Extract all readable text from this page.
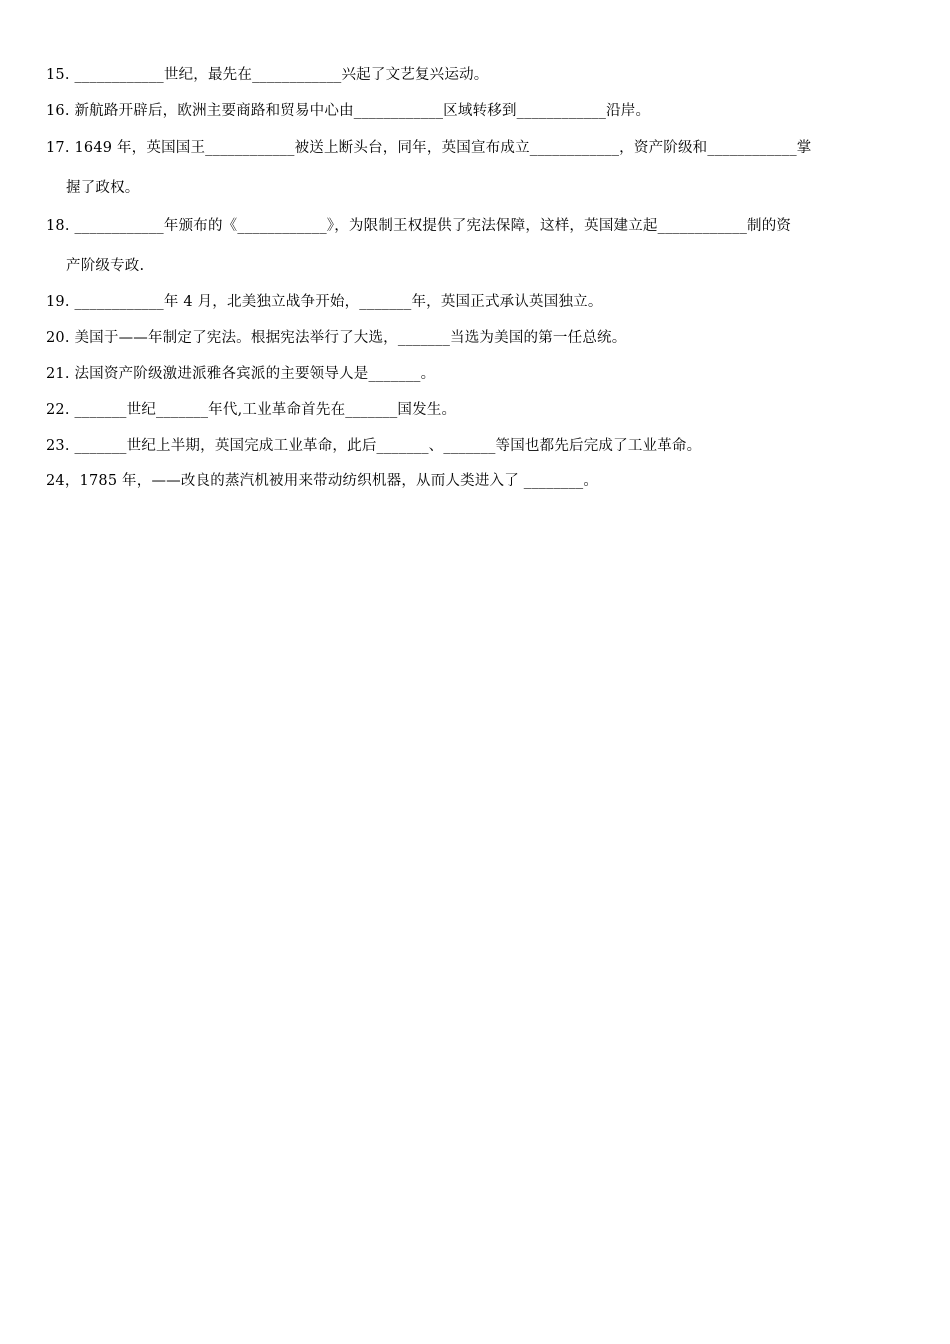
15. ____________世纪，最先在____________兴起了文艺复兴运动。
16. 新航路开辟后，欧洲主要商路和贸易中心由____________区域转移到____________沿岸。
17. 1649 年，英国国王____________被送上断头台，同年，英国宣布成立____________，资产阶级和____________掌
握了政权。
18. ____________年颁布的《____________》，为限制王权提供了宪法保障，这样，英国建立起____________制的资
产阶级专政.
19. ____________年 4 月，北美独立战争开始，_______年，英国正式承认英国独立。
20. 美国于——年制定了宪法。根据宪法举行了大选，_______当选为美国的第一任总统。
21. 法国资产阶级激进派雅各宾派的主要领导人是_______。
22. _______世纪_______年代,工业革命首先在_______国发生。
23. _______世纪上半期，英国完成工业革命，此后_______、_______等国也都先后完成了工业革命。
24，1785 年，——改良的蒸汽机被用来带动纺织机器，从而人类进入了 ________。
